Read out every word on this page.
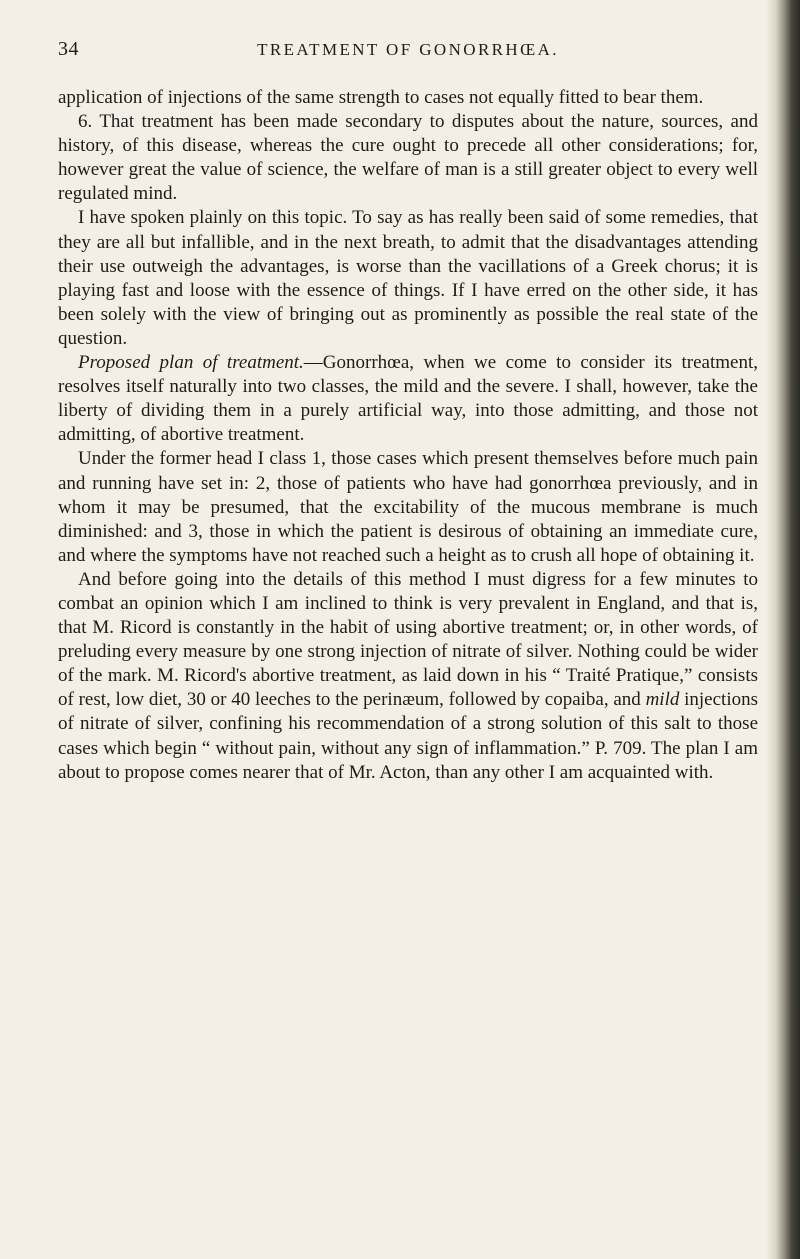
34	TREATMENT OF GONORRHŒA.

application of injections of the same strength to cases not equally fitted to bear them.

6. That treatment has been made secondary to disputes about the nature, sources, and history, of this disease, whereas the cure ought to precede all other considerations; for, however great the value of science, the welfare of man is a still greater object to every well regulated mind.

I have spoken plainly on this topic. To say as has really been said of some remedies, that they are all but infallible, and in the next breath, to admit that the disadvantages attending their use outweigh the advantages, is worse than the vacillations of a Greek chorus; it is playing fast and loose with the essence of things. If I have erred on the other side, it has been solely with the view of bringing out as prominently as possible the real state of the question.

Proposed plan of treatment.—Gonorrhœa, when we come to consider its treatment, resolves itself naturally into two classes, the mild and the severe. I shall, however, take the liberty of dividing them in a purely artificial way, into those admitting, and those not admitting, of abortive treatment.

Under the former head I class 1, those cases which present themselves before much pain and running have set in: 2, those of patients who have had gonorrhœa previously, and in whom it may be presumed, that the excitability of the mucous membrane is much diminished: and 3, those in which the patient is desirous of obtaining an immediate cure, and where the symptoms have not reached such a height as to crush all hope of obtaining it.

And before going into the details of this method I must digress for a few minutes to combat an opinion which I am inclined to think is very prevalent in England, and that is, that M. Ricord is constantly in the habit of using abortive treatment; or, in other words, of preluding every measure by one strong injection of nitrate of silver. Nothing could be wider of the mark. M. Ricord's abortive treatment, as laid down in his “ Traité Pratique,” consists of rest, low diet, 30 or 40 leeches to the perinæum, followed by copaiba, and mild injections of nitrate of silver, confining his recommendation of a strong solution of this salt to those cases which begin “ without pain, without any sign of inflammation.” P. 709. The plan I am about to propose comes nearer that of Mr. Acton, than any other I am acquainted with.
